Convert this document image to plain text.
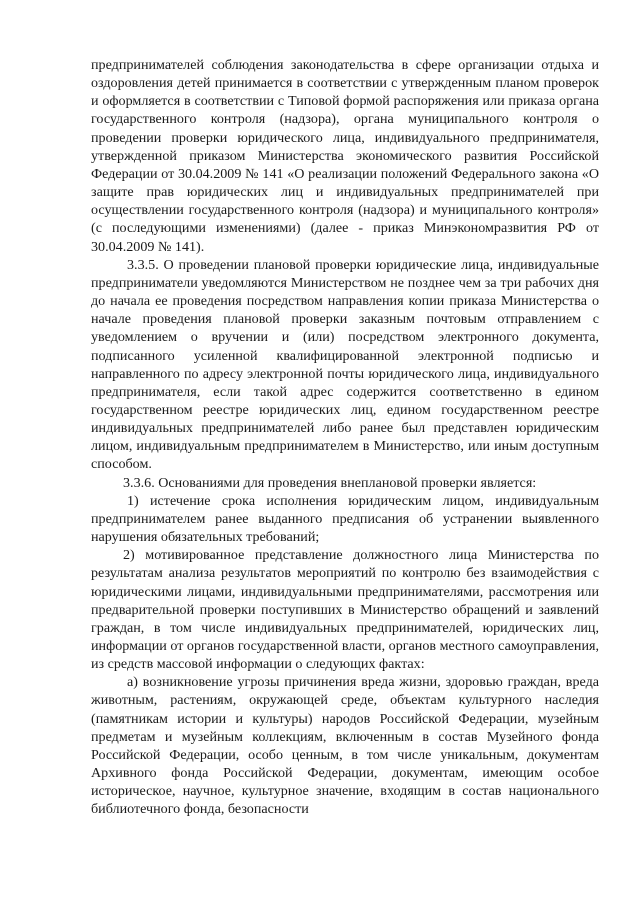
предпринимателей соблюдения законодательства в сфере организации отдыха и оздоровления детей принимается в соответствии с утвержденным планом проверок и оформляется в соответствии с Типовой формой распоряжения или приказа органа государственного контроля (надзора), органа муниципального контроля о проведении проверки юридического лица, индивидуального предпринимателя, утвержденной приказом Министерства экономического развития Российской Федерации от 30.04.2009 № 141 «О реализации положений Федерального закона «О защите прав юридических лиц и индивидуальных предпринимателей при осуществлении государственного контроля (надзора) и муниципального контроля» (с последующими изменениями) (далее - приказ Минэкономразвития РФ от 30.04.2009 № 141).

3.3.5. О проведении плановой проверки юридические лица, индивидуальные предприниматели уведомляются Министерством не позднее чем за три рабочих дня до начала ее проведения посредством направления копии приказа Министерства о начале проведения плановой проверки заказным почтовым отправлением с уведомлением о вручении и (или) посредством электронного документа, подписанного усиленной квалифицированной электронной подписью и направленного по адресу электронной почты юридического лица, индивидуального предпринимателя, если такой адрес содержится соответственно в едином государственном реестре юридических лиц, едином государственном реестре индивидуальных предпринимателей либо ранее был представлен юридическим лицом, индивидуальным предпринимателем в Министерство, или иным доступным способом.

3.3.6. Основаниями для проведения внеплановой проверки является:

1) истечение срока исполнения юридическим лицом, индивидуальным предпринимателем ранее выданного предписания об устранении выявленного нарушения обязательных требований;

2) мотивированное представление должностного лица Министерства по результатам анализа результатов мероприятий по контролю без взаимодействия с юридическими лицами, индивидуальными предпринимателями, рассмотрения или предварительной проверки поступивших в Министерство обращений и заявлений граждан, в том числе индивидуальных предпринимателей, юридических лиц, информации от органов государственной власти, органов местного самоуправления, из средств массовой информации о следующих фактах:

а) возникновение угрозы причинения вреда жизни, здоровью граждан, вреда животным, растениям, окружающей среде, объектам культурного наследия (памятникам истории и культуры) народов Российской Федерации, музейным предметам и музейным коллекциям, включенным в состав Музейного фонда Российской Федерации, особо ценным, в том числе уникальным, документам Архивного фонда Российской Федерации, документам, имеющим особое историческое, научное, культурное значение, входящим в состав национального библиотечного фонда, безопасности
